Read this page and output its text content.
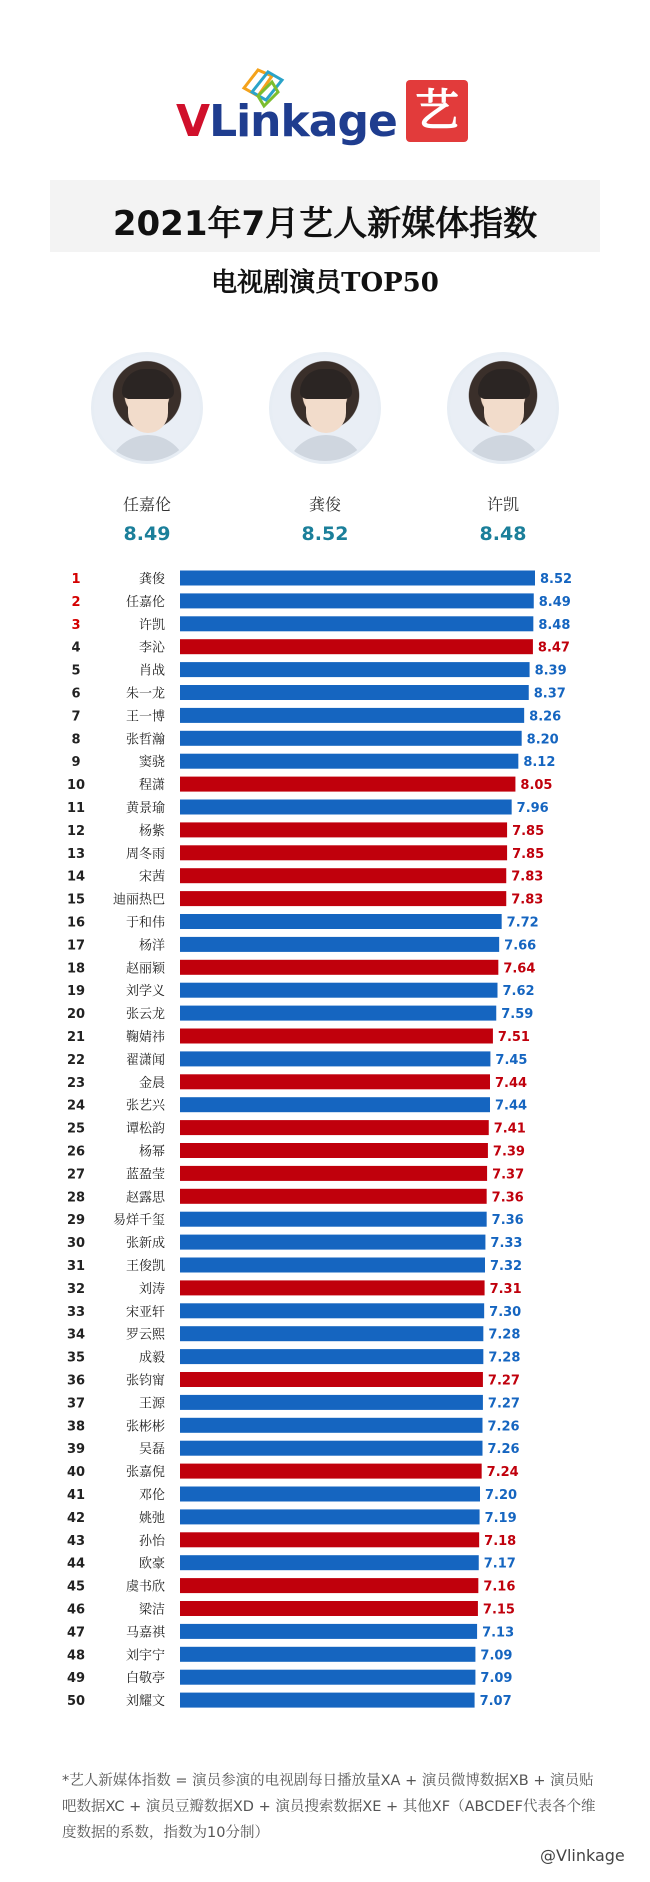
VLinkage 艺
2021年7月艺人新媒体指数
电视剧演员TOP50
任嘉伦
8.49
龚俊
8.52
许凯
8.48
1	龚俊	8.52
2	任嘉伦	8.49
3	许凯	8.48
4	李沁	8.47
5	肖战	8.39
6	朱一龙	8.37
7	王一博	8.26
8	张哲瀚	8.20
9	窦骁	8.12
10	程潇	8.05
11	黄景瑜	7.96
12	杨紫	7.85
13	周冬雨	7.85
14	宋茜	7.83
15 迪丽热巴	7.83
16	于和伟	7.72
17	杨洋	7.66
18	赵丽颖	7.64
19	刘学义	7.62
20	张云龙	7.59
21	鞠婧祎	7.51
22	翟潇闻	7.45
23	金晨	7.44
24	张艺兴	7.44
25	谭松韵	7.41
26	杨幂	7.39
27	蓝盈莹	7.37
28	赵露思	7.36
29 易烊千玺	7.36
30	张新成	7.33
31	王俊凯	7.32
32	刘涛	7.31
33	宋亚轩	7.30
34	罗云熙	7.28
35	成毅	7.28
36	张钧甯	7.27
37	王源	7.27
38	张彬彬	7.26
39	吴磊	7.26
40	张嘉倪	7.24
41	邓伦	7.20
42	姚弛	7.19
43	孙怡	7.18
44	欧豪	7.17
45	虞书欣	7.16
46	梁洁	7.15
47	马嘉祺	7.13
48	刘宇宁	7.09
49	白敬亭	7.09
50	刘耀文	7.07
*艺人新媒体指数 = 演员参演的电视剧每日播放量XA + 演员微博数据XB + 演员贴吧数据XC + 演员豆瓣数据XD + 演员搜索数据XE + 其他XF（ABCDEF代表各个维度数据的系数，指数为10分制）
@Vlinkage
